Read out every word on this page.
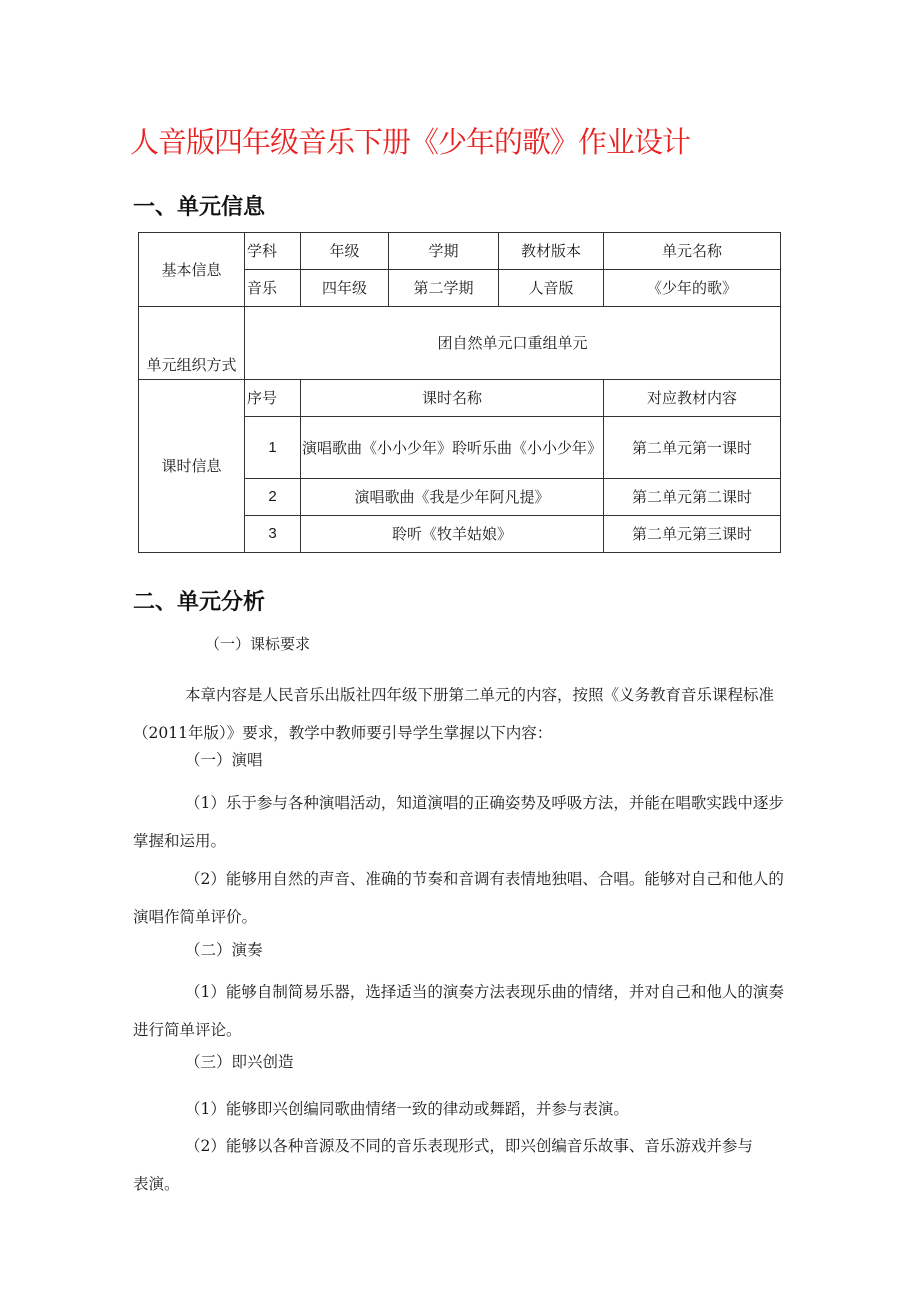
人音版四年级音乐下册《少年的歌》作业设计
一、单元信息
基本信息	学科	年级	学期	教材版本	单元名称
	音乐	四年级	第二学期	人音版	《少年的歌》
单元组织方式	团自然单元口重组单元				
课时信息	序号	课时名称			对应教材内容
	1	演唱歌曲《小小少年》聆听乐曲《小小少年》			第二单元第一课时
	2	演唱歌曲《我是少年阿凡提》			第二单元第二课时
	3	聆听《牧羊姑娘》			第二单元第三课时
二、单元分析

（一）课标要求

本章内容是人民音乐出版社四年级下册第二单元的内容，按照《义务教育音乐课程标准（2011年版）》要求，教学中教师要引导学生掌握以下内容：

（一）演唱

（1）乐于参与各种演唱活动，知道演唱的正确姿势及呼吸方法，并能在唱歌实践中逐步掌握和运用。

（2）能够用自然的声音、准确的节奏和音调有表情地独唱、合唱。能够对自己和他人的演唱作简单评价。

（二）演奏

（1）能够自制简易乐器，选择适当的演奏方法表现乐曲的情绪，并对自己和他人的演奏进行简单评论。

（三）即兴创造

（1）能够即兴创编同歌曲情绪一致的律动或舞蹈，并参与表演。

（2）能够以各种音源及不同的音乐表现形式，即兴创编音乐故事、音乐游戏并参与表演。
